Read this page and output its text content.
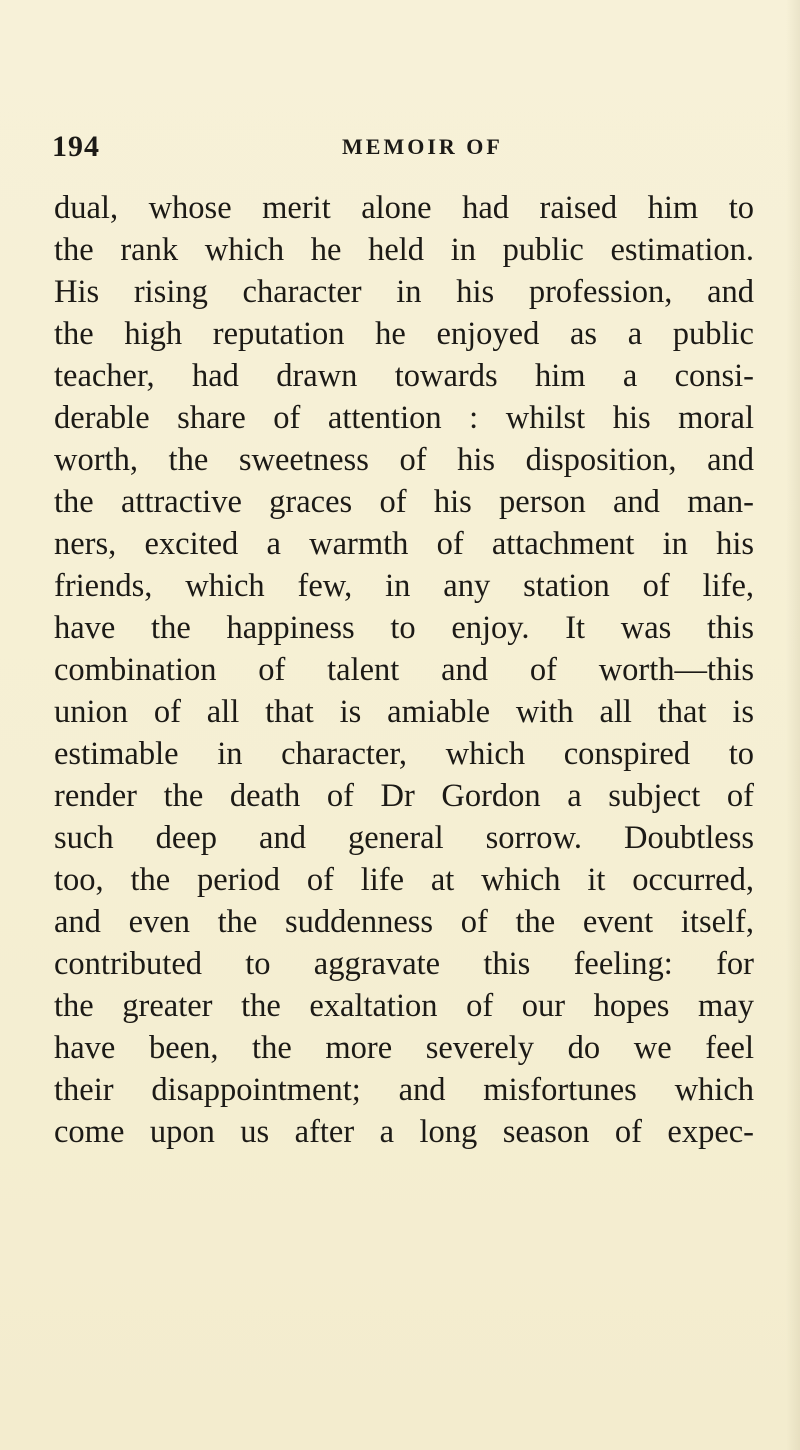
194	MEMOIR OF
dual, whose merit alone had raised him to
the rank which he held in public estimation.
His rising character in his profession, and
the high reputation he enjoyed as a public
teacher, had drawn towards him a consi-
derable share of attention : whilst his moral
worth, the sweetness of his disposition, and
the attractive graces of his person and man-
ners, excited a warmth of attachment in his
friends, which few, in any station of life,
have the happiness to enjoy. It was this
combination of talent and of worth—this
union of all that is amiable with all that is
estimable in character, which conspired to
render the death of Dr Gordon a subject of
such deep and general sorrow. Doubtless
too, the period of life at which it occurred,
and even the suddenness of the event itself,
contributed to aggravate this feeling: for
the greater the exaltation of our hopes may
have been, the more severely do we feel
their disappointment; and misfortunes which
come upon us after a long season of expec-
